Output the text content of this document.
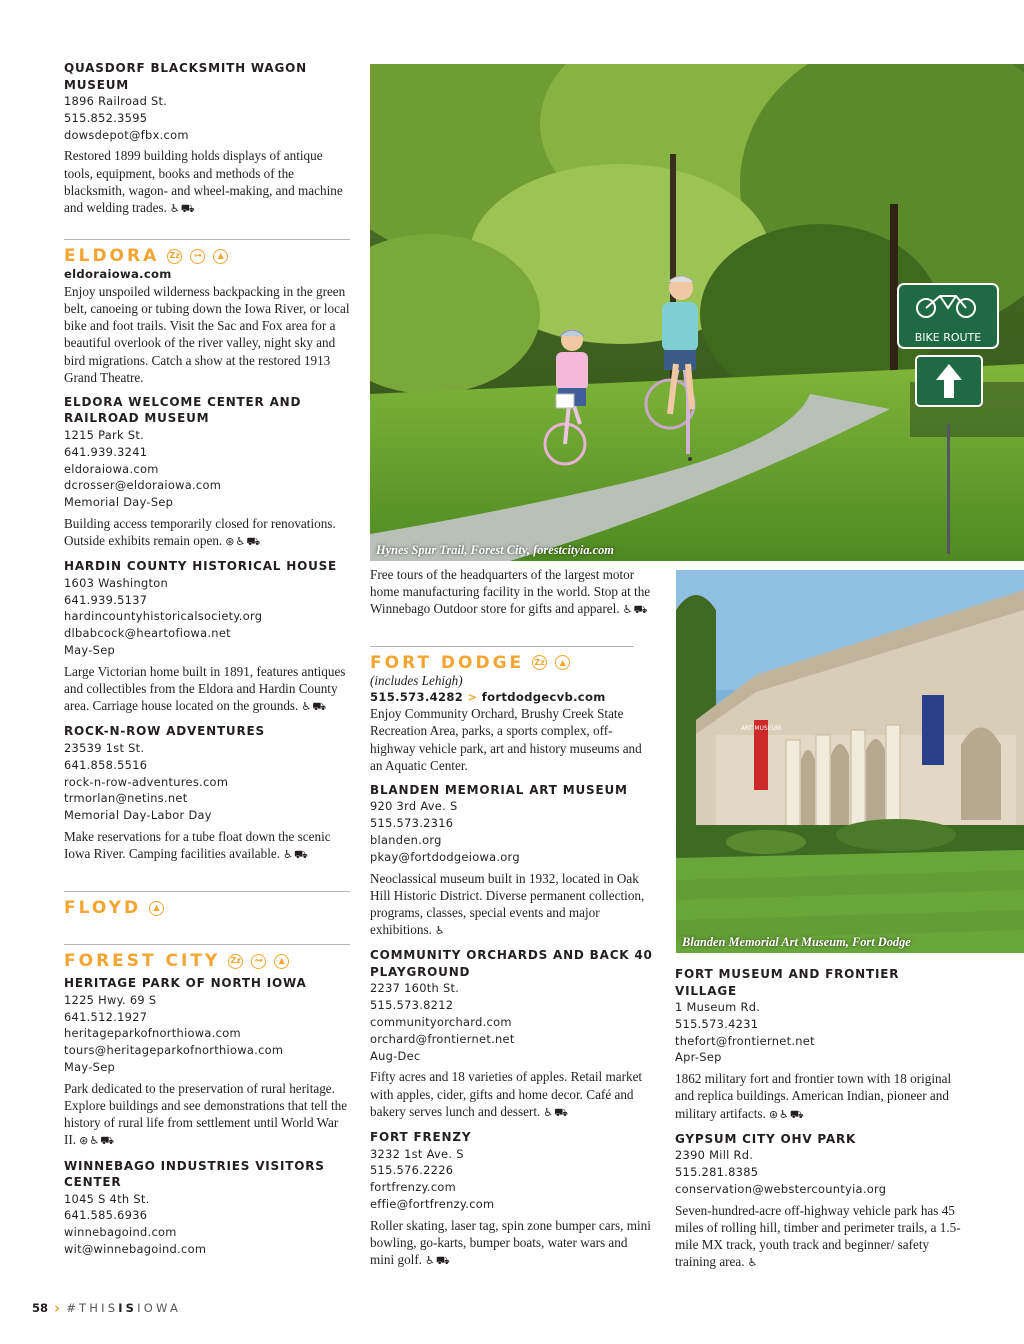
QUASDORF BLACKSMITH WAGON MUSEUM
1896 Railroad St.
515.852.3595
dowsdepot@fbx.com
Restored 1899 building holds displays of antique tools, equipment, books and methods of the blacksmith, wagon- and wheel-making, and machine and welding trades. ♿⛟
ELDORA Zz	⊶	▲
eldoraiowa.com
Enjoy unspoiled wilderness backpacking in the green belt, canoeing or tubing down the Iowa River, or local bike and foot trails. Visit the Sac and Fox area for a beautiful overlook of the river valley, night sky and bird migrations. Catch a show at the restored 1913 Grand Theatre.
ELDORA WELCOME CENTER AND RAILROAD MUSEUM
1215 Park St.
641.939.3241
eldoraiowa.com
dcrosser@eldoraiowa.com
Memorial Day-Sep
Building access temporarily closed for renovations. Outside exhibits remain open. ⊛♿⛟
HARDIN COUNTY HISTORICAL HOUSE
1603 Washington
641.939.5137
hardincountyhistoricalsociety.org
dlbabcock@heartofiowa.net
May-Sep
Large Victorian home built in 1891, features antiques and collectibles from the Eldora and Hardin County area. Carriage house located on the grounds. ♿⛟
ROCK-N-ROW ADVENTURES
23539 1st St.
641.858.5516
rock-n-row-adventures.com
trmorlan@netins.net
Memorial Day-Labor Day
Make reservations for a tube float down the scenic Iowa River. Camping facilities available. ♿⛟
FLOYD	▲
FOREST CITY Zz	⊶	▲
HERITAGE PARK OF NORTH IOWA
1225 Hwy. 69 S
641.512.1927
heritageparkofnorthiowa.com
tours@heritageparkofnorthiowa.com
May-Sep
Park dedicated to the preservation of rural heritage. Explore buildings and see demonstrations that tell the history of rural life from settlement until World War II. ⊛♿⛟
WINNEBAGO INDUSTRIES VISITORS CENTER
1045 S 4th St.
641.585.6936
winnebagoind.com
wit@winnebagoind.com
BIKE ROUTE
Hynes Spur Trail, Forest City, forestcityia.com
Free tours of the headquarters of the largest motor home manufacturing facility in the world. Stop at the Winnebago Outdoor store for gifts and apparel. ♿⛟
FORT DODGE Zz	▲
(includes Lehigh)
515.573.4282 > fortdodgecvb.com
Enjoy Community Orchard, Brushy Creek State Recreation Area, parks, a sports complex, off-highway vehicle park, art and history museums and an Aquatic Center.
BLANDEN MEMORIAL ART MUSEUM
920 3rd Ave. S
515.573.2316
blanden.org
pkay@fortdodgeiowa.org
Neoclassical museum built in 1932, located in Oak Hill Historic District. Diverse permanent collection, programs, classes, special events and major exhibitions. ♿
COMMUNITY ORCHARDS AND BACK 40 PLAYGROUND
2237 160th St.
515.573.8212
communityorchard.com
orchard@frontiernet.net
Aug-Dec
Fifty acres and 18 varieties of apples. Retail market with apples, cider, gifts and home decor. Café and bakery serves lunch and dessert. ♿⛟
FORT FRENZY
3232 1st Ave. S
515.576.2226
fortfrenzy.com
effie@fortfrenzy.com
Roller skating, laser tag, spin zone bumper cars, mini bowling, go-karts, bumper boats, water wars and mini golf. ♿⛟
ART MUSEUM
Blanden Memorial Art Museum, Fort Dodge
FORT MUSEUM AND FRONTIER VILLAGE
1 Museum Rd.
515.573.4231
thefort@frontiernet.net
Apr-Sep
1862 military fort and frontier town with 18 original and replica buildings. American Indian, pioneer and military artifacts. ⊛♿⛟
GYPSUM CITY OHV PARK
2390 Mill Rd.
515.281.8385
conservation@webstercountyia.org
Seven-hundred-acre off-highway vehicle park has 45 miles of rolling hill, timber and perimeter trails, a 1.5-mile MX track, youth track and beginner/ safety training area. ♿
58 › #THISISIOWA
